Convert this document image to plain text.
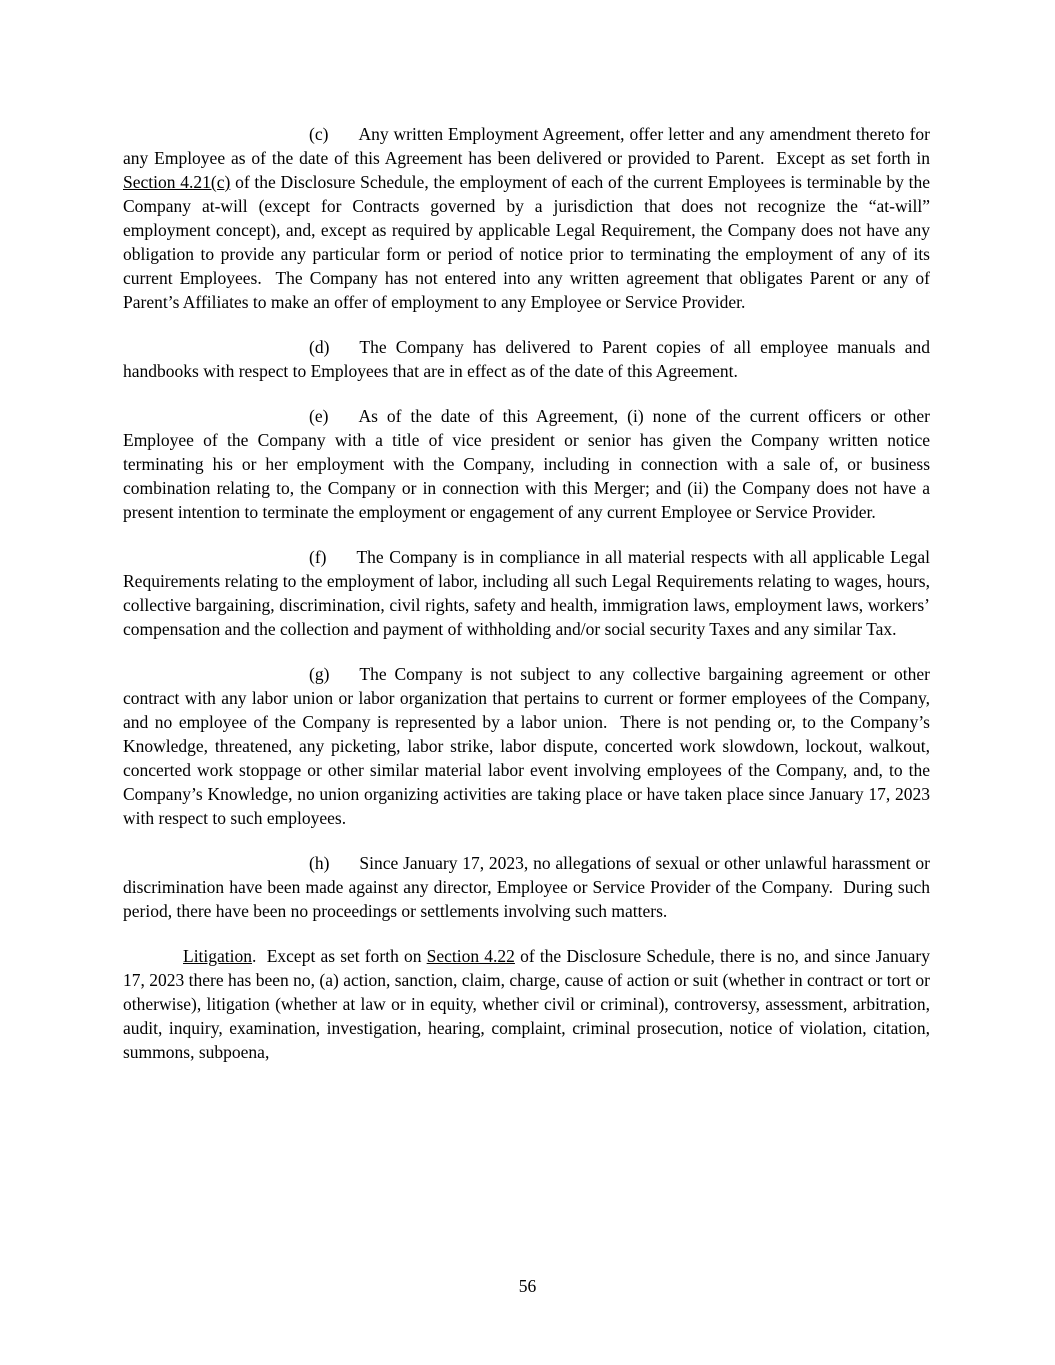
(c) Any written Employment Agreement, offer letter and any amendment thereto for any Employee as of the date of this Agreement has been delivered or provided to Parent.  Except as set forth in Section 4.21(c) of the Disclosure Schedule, the employment of each of the current Employees is terminable by the Company at-will (except for Contracts governed by a jurisdiction that does not recognize the “at-will” employment concept), and, except as required by applicable Legal Requirement, the Company does not have any obligation to provide any particular form or period of notice prior to terminating the employment of any of its current Employees.  The Company has not entered into any written agreement that obligates Parent or any of Parent’s Affiliates to make an offer of employment to any Employee or Service Provider.

(d) The Company has delivered to Parent copies of all employee manuals and handbooks with respect to Employees that are in effect as of the date of this Agreement.

(e) As of the date of this Agreement, (i) none of the current officers or other Employee of the Company with a title of vice president or senior has given the Company written notice terminating his or her employment with the Company, including in connection with a sale of, or business combination relating to, the Company or in connection with this Merger; and (ii) the Company does not have a present intention to terminate the employment or engagement of any current Employee or Service Provider.

(f) The Company is in compliance in all material respects with all applicable Legal Requirements relating to the employment of labor, including all such Legal Requirements relating to wages, hours, collective bargaining, discrimination, civil rights, safety and health, immigration laws, employment laws, workers’ compensation and the collection and payment of withholding and/or social security Taxes and any similar Tax.

(g) The Company is not subject to any collective bargaining agreement or other contract with any labor union or labor organization that pertains to current or former employees of the Company, and no employee of the Company is represented by a labor union.  There is not pending or, to the Company’s Knowledge, threatened, any picketing, labor strike, labor dispute, concerted work slowdown, lockout, walkout, concerted work stoppage or other similar material labor event involving employees of the Company, and, to the Company’s Knowledge, no union organizing activities are taking place or have taken place since January 17, 2023 with respect to such employees.

(h) Since January 17, 2023, no allegations of sexual or other unlawful harassment or discrimination have been made against any director, Employee or Service Provider of the Company.  During such period, there have been no proceedings or settlements involving such matters.

Litigation.  Except as set forth on Section 4.22 of the Disclosure Schedule, there is no, and since January 17, 2023 there has been no, (a) action, sanction, claim, charge, cause of action or suit (whether in contract or tort or otherwise), litigation (whether at law or in equity, whether civil or criminal), controversy, assessment, arbitration, audit, inquiry, examination, investigation, hearing, complaint, criminal prosecution, notice of violation, citation, summons, subpoena,

56
